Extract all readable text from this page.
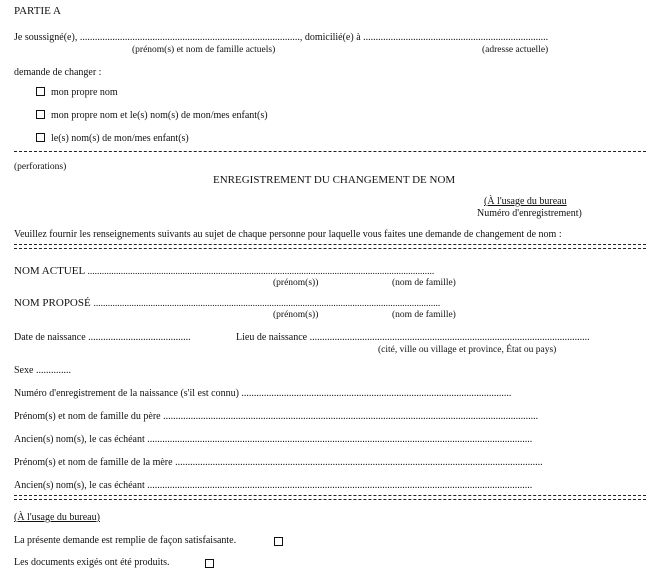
PARTIE A
Je soussigné(e), ........................................................................................, domicilié(e) à ..........................................................................
(prénom(s) et nom de famille actuels)	(adresse actuelle)
demande de changer :
mon propre nom
mon propre nom et le(s) nom(s) de mon/mes enfant(s)
le(s) nom(s) de mon/mes enfant(s)
(perforations)
ENREGISTREMENT DU CHANGEMENT DE NOM
(À l'usage du bureau
Numéro d'enregistrement)
Veuillez fournir les renseignements suivants au sujet de chaque personne pour laquelle vous faites une demande de changement de nom :
NOM ACTUEL ..................................................................................................................................................
(prénom(s))	(nom de famille)
NOM PROPOSÉ ..................................................................................................................................................
(prénom(s))	(nom de famille)
Date de naissance .........................................	Lieu de naissance ................................................................................................................
(cité, ville ou village et province, État ou pays)
Sexe ..............
Numéro d'enregistrement de la naissance (s'il est connu) ............................................................................................................
Prénom(s) et nom de famille du père ......................................................................................................................................................
Ancien(s) nom(s), le cas échéant ..........................................................................................................................................................
Prénom(s) et nom de famille de la mère ...................................................................................................................................................
Ancien(s) nom(s), le cas échéant ..........................................................................................................................................................
(À l'usage du bureau)
La présente demande est remplie de façon satisfaisante.
Les documents exigés ont été produits.
